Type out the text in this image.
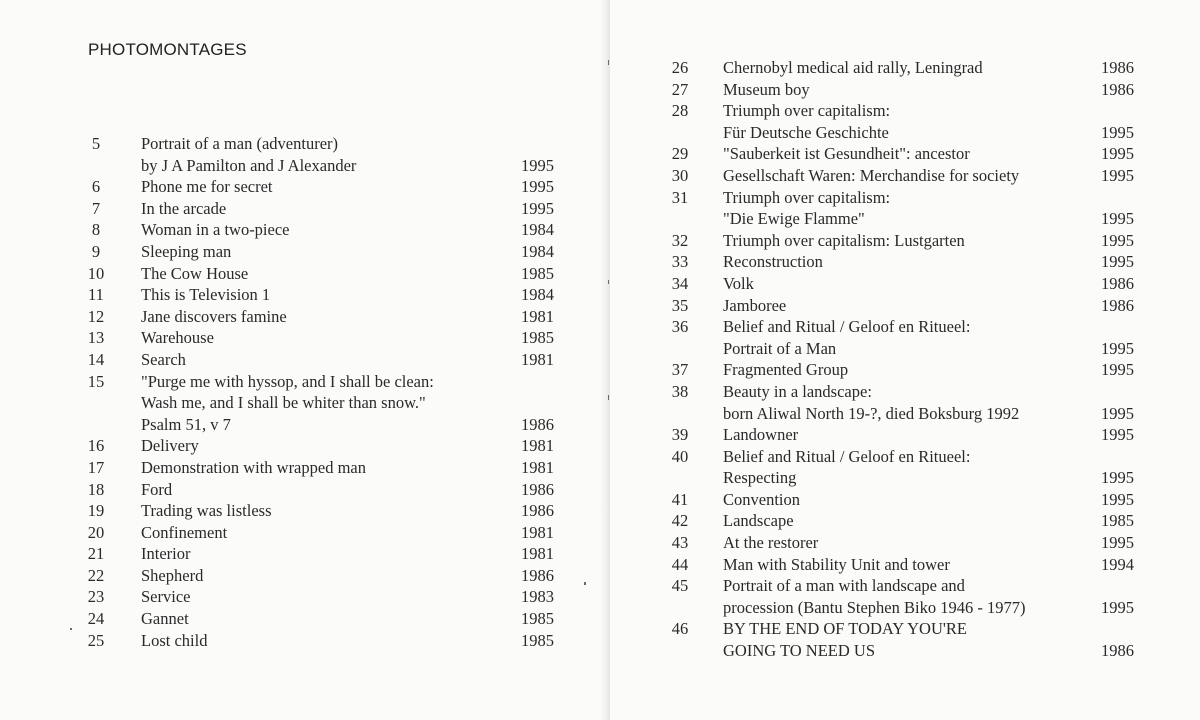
PHOTOMONTAGES
5	Portrait of a man (adventurer)
by J A Pamilton and J Alexander	1995
6	Phone me for secret	1995
7	In the arcade	1995
8	Woman in a two-piece	1984
9	Sleeping man	1984
10	The Cow House	1985
11	This is Television 1	1984
12	Jane discovers famine	1981
13	Warehouse	1985
14	Search	1981
15	"Purge me with hyssop, and I shall be clean:
Wash me, and I shall be whiter than snow."
Psalm 51, v 7	1986
16	Delivery	1981
17	Demonstration with wrapped man	1981
18	Ford	1986
19	Trading was listless	1986
20	Confinement	1981
21	Interior	1981
22	Shepherd	1986
23	Service	1983
24	Gannet	1985
25	Lost child	1985
26	Chernobyl medical aid rally, Leningrad	1986
27	Museum boy	1986
28	Triumph over capitalism:
Für Deutsche Geschichte	1995
29	"Sauberkeit ist Gesundheit": ancestor	1995
30	Gesellschaft Waren: Merchandise for society	1995
31	Triumph over capitalism:
"Die Ewige Flamme"	1995
32	Triumph over capitalism: Lustgarten	1995
33	Reconstruction	1995
34	Volk	1986
35	Jamboree	1986
36	Belief and Ritual / Geloof en Ritueel:
Portrait of a Man	1995
37	Fragmented Group	1995
38	Beauty in a landscape:
born Aliwal North 19-?, died Boksburg 1992	1995
39	Landowner	1995
40	Belief and Ritual / Geloof en Ritueel:
Respecting	1995
41	Convention	1995
42	Landscape	1985
43	At the restorer	1995
44	Man with Stability Unit and tower	1994
45	Portrait of a man with landscape and
procession (Bantu Stephen Biko 1946 - 1977)	1995
46	BY THE END OF TODAY YOU'RE
GOING TO NEED US	1986
